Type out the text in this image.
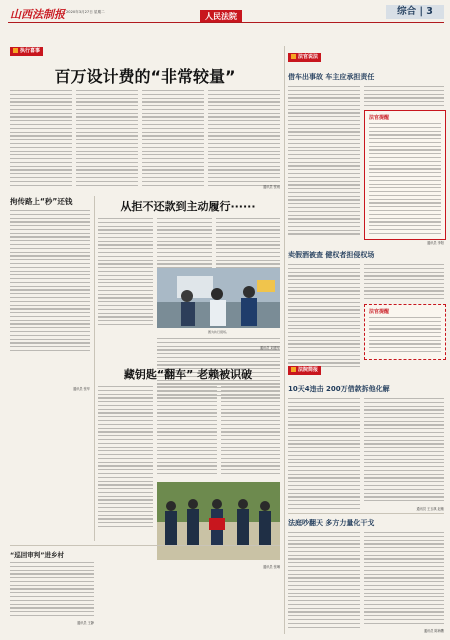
山西法制报 2020年3月27日 星期二	人民法院	综合 | 3
执行喜事
百万设计费的“非常较量”
通讯员 张雨
拘传路上“秒”还钱
通讯员 张华
从拒不还款到主动履行······
图为执行现场。
通讯员 刘建华
藏钥匙“翻车” 老赖被识破
通讯员 张琳
“巡回审判”进乡村
通讯员 王静
法官说法
借车出事故 车主应承担责任
法官提醒
通讯员 李阳
卖假酒被查 健权者担侵权场
法官提醒
法院简报
10天4违击 200万借款拆他化解
通讯员 王玉琪 赵敏
法庭吵翻天 多方力量化干戈
通讯员 陈海鹰
